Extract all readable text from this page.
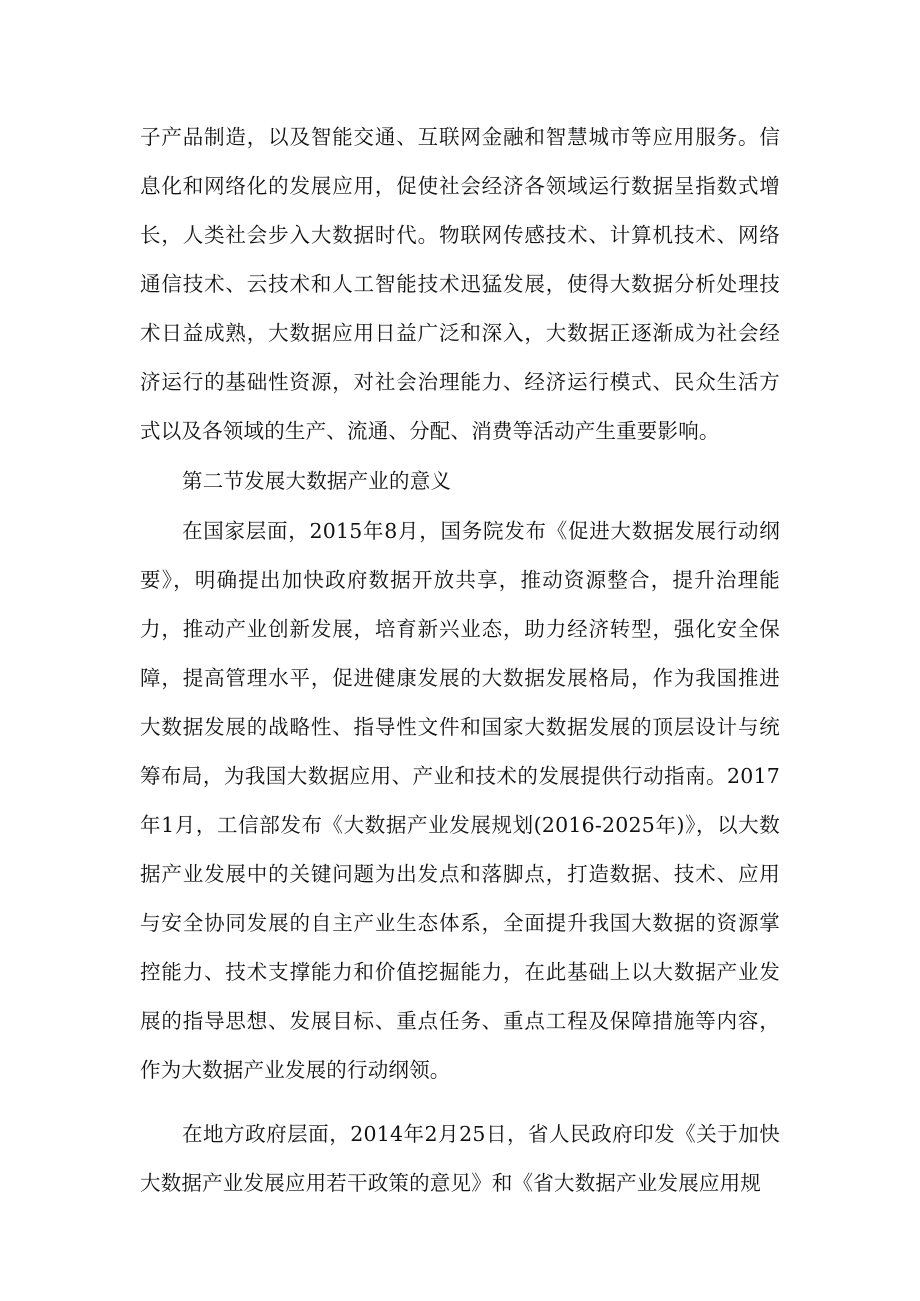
子产品制造，以及智能交通、互联网金融和智慧城市等应用服务。信息化和网络化的发展应用，促使社会经济各领域运行数据呈指数式增长，人类社会步入大数据时代。物联网传感技术、计算机技术、网络通信技术、云技术和人工智能技术迅猛发展，使得大数据分析处理技术日益成熟，大数据应用日益广泛和深入，大数据正逐渐成为社会经济运行的基础性资源，对社会治理能力、经济运行模式、民众生活方式以及各领域的生产、流通、分配、消费等活动产生重要影响。

第二节发展大数据产业的意义

在国家层面，2015年8月，国务院发布《促进大数据发展行动纲要》，明确提出加快政府数据开放共享，推动资源整合，提升治理能力，推动产业创新发展，培育新兴业态，助力经济转型，强化安全保障，提高管理水平，促进健康发展的大数据发展格局，作为我国推进大数据发展的战略性、指导性文件和国家大数据发展的顶层设计与统筹布局，为我国大数据应用、产业和技术的发展提供行动指南。2017年1月，工信部发布《大数据产业发展规划(2016-2025年)》，以大数据产业发展中的关键问题为出发点和落脚点，打造数据、技术、应用与安全协同发展的自主产业生态体系，全面提升我国大数据的资源掌控能力、技术支撑能力和价值挖掘能力，在此基础上以大数据产业发展的指导思想、发展目标、重点任务、重点工程及保障措施等内容，作为大数据产业发展的行动纲领。

在地方政府层面，2014年2月25日，省人民政府印发《关于加快大数据产业发展应用若干政策的意见》和《省大数据产业发展应用规
